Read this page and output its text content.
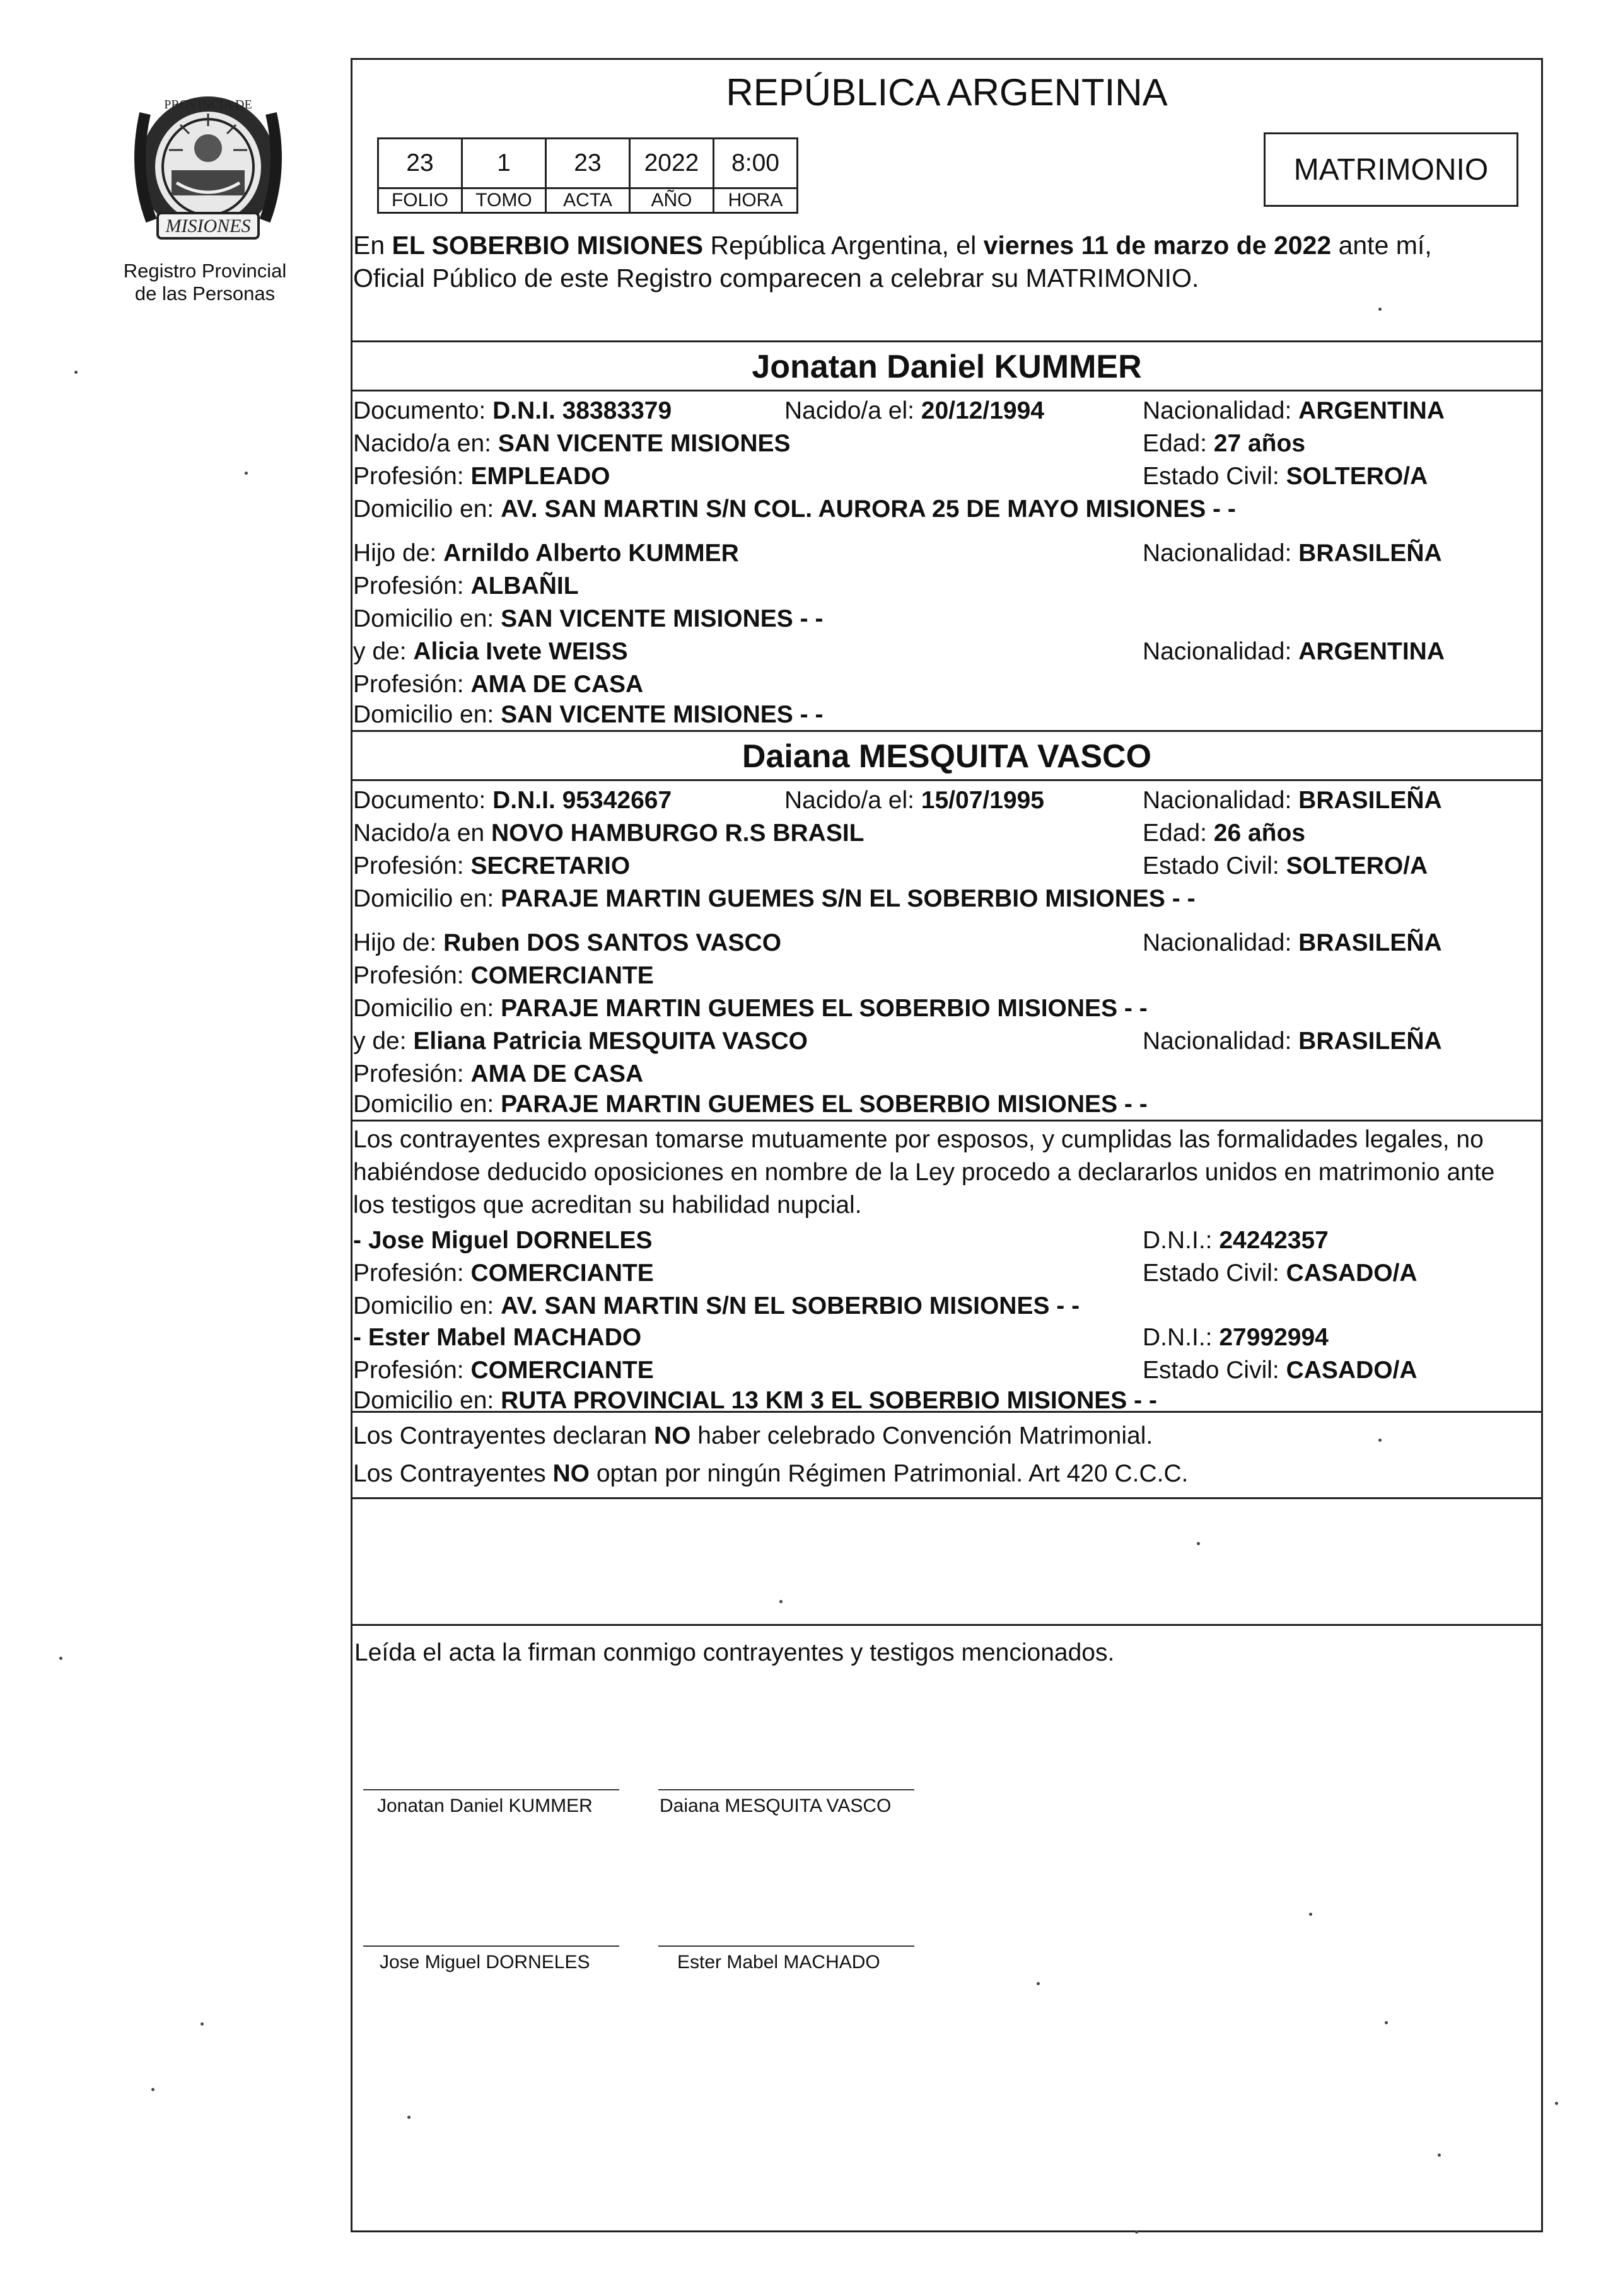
MISIONES
PROVINCIA DE
Registro Provincial
de las Personas
REPÚBLICA ARGENTINA
23	1	23	2022	8:00
FOLIO	TOMO	ACTA	AÑO	HORA
MATRIMONIO
En EL SOBERBIO MISIONES República Argentina, el viernes 11 de marzo de 2022 ante mí,
Oficial Público de este Registro comparecen a celebrar su MATRIMONIO.
Jonatan Daniel KUMMER
Documento: D.N.I. 38383379	Nacido/a el: 20/12/1994	Nacionalidad: ARGENTINA
Nacido/a en: SAN VICENTE MISIONES	Edad: 27 años
Profesión: EMPLEADO	Estado Civil: SOLTERO/A
Domicilio en: AV. SAN MARTIN S/N COL. AURORA 25 DE MAYO MISIONES - -
Hijo de: Arnildo Alberto KUMMER	Nacionalidad: BRASILEÑA
Profesión: ALBAÑIL
Domicilio en: SAN VICENTE MISIONES - -
y de: Alicia Ivete WEISS	Nacionalidad: ARGENTINA
Profesión: AMA DE CASA
Domicilio en: SAN VICENTE MISIONES - -
Daiana MESQUITA VASCO
Documento: D.N.I. 95342667	Nacido/a el: 15/07/1995	Nacionalidad: BRASILEÑA
Nacido/a en NOVO HAMBURGO R.S BRASIL	Edad: 26 años
Profesión: SECRETARIO	Estado Civil: SOLTERO/A
Domicilio en: PARAJE MARTIN GUEMES S/N EL SOBERBIO MISIONES - -
Hijo de: Ruben DOS SANTOS VASCO	Nacionalidad: BRASILEÑA
Profesión: COMERCIANTE
Domicilio en: PARAJE MARTIN GUEMES EL SOBERBIO MISIONES - -
y de: Eliana Patricia MESQUITA VASCO	Nacionalidad: BRASILEÑA
Profesión: AMA DE CASA
Domicilio en: PARAJE MARTIN GUEMES EL SOBERBIO MISIONES - -
Los contrayentes expresan tomarse mutuamente por esposos, y cumplidas las formalidades legales, no
habiéndose deducido oposiciones en nombre de la Ley procedo a declararlos unidos en matrimonio ante
los testigos que acreditan su habilidad nupcial.
- Jose Miguel DORNELES	D.N.I.: 24242357
Profesión: COMERCIANTE	Estado Civil: CASADO/A
Domicilio en: AV. SAN MARTIN S/N EL SOBERBIO MISIONES - -
- Ester Mabel MACHADO	D.N.I.: 27992994
Profesión: COMERCIANTE	Estado Civil: CASADO/A
Domicilio en: RUTA PROVINCIAL 13 KM 3 EL SOBERBIO MISIONES - -
Los Contrayentes declaran NO haber celebrado Convención Matrimonial.
Los Contrayentes NO optan por ningún Régimen Patrimonial. Art 420 C.C.C.
Leída el acta la firman conmigo contrayentes y testigos mencionados.
Jonatan Daniel KUMMER	Daiana MESQUITA VASCO
Jose Miguel DORNELES	Ester Mabel MACHADO
